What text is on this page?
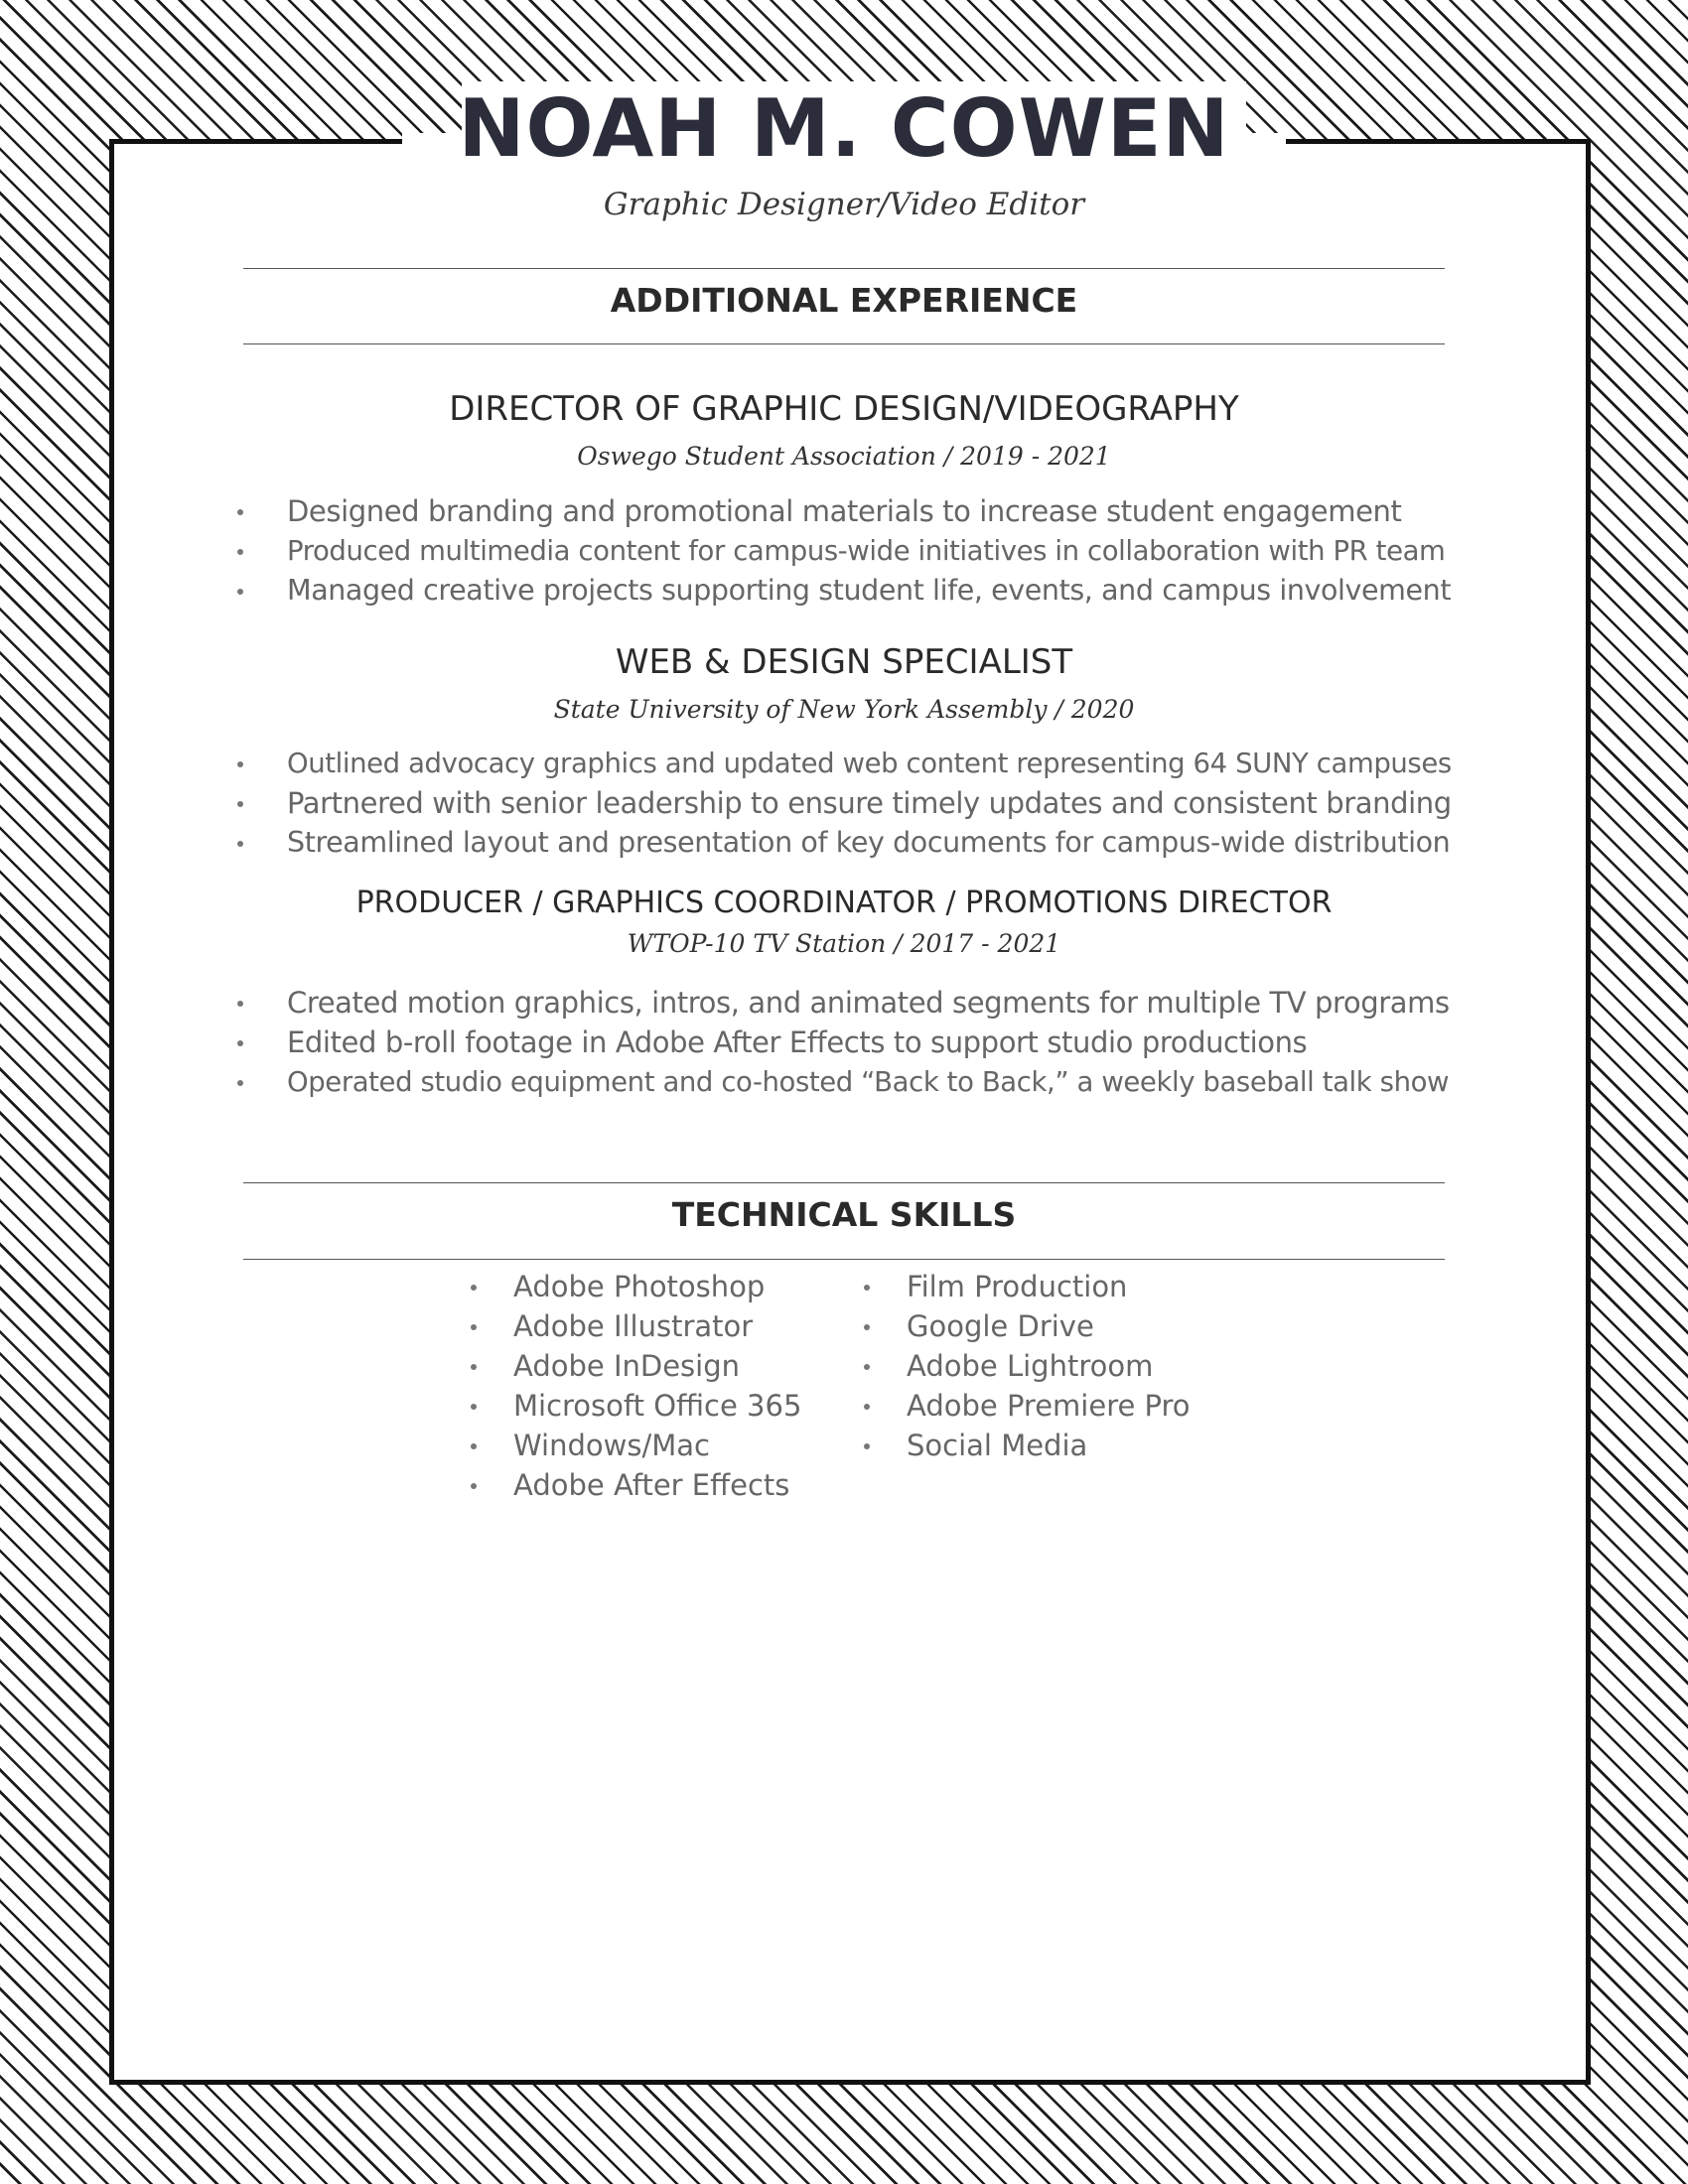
NOAH M. COWEN
Graphic Designer/Video Editor
ADDITIONAL EXPERIENCE
DIRECTOR OF GRAPHIC DESIGN/VIDEOGRAPHY
Oswego Student Association / 2019 - 2021
Designed branding and promotional materials to increase student engagement
Produced multimedia content for campus-wide initiatives in collaboration with PR team
Managed creative projects supporting student life, events, and campus involvement
WEB & DESIGN SPECIALIST
State University of New York Assembly / 2020
Outlined advocacy graphics and updated web content representing 64 SUNY campuses
Partnered with senior leadership to ensure timely updates and consistent branding
Streamlined layout and presentation of key documents for campus-wide distribution
PRODUCER / GRAPHICS COORDINATOR / PROMOTIONS DIRECTOR
WTOP-10 TV Station / 2017 - 2021
Created motion graphics, intros, and animated segments for multiple TV programs
Edited b-roll footage in Adobe After Effects to support studio productions
Operated studio equipment and co-hosted “Back to Back,” a weekly baseball talk show
TECHNICAL SKILLS
Adobe Photoshop
Adobe Illustrator
Adobe InDesign
Microsoft Office 365
Windows/Mac
Adobe After Effects
Film Production
Google Drive
Adobe Lightroom
Adobe Premiere Pro
Social Media
